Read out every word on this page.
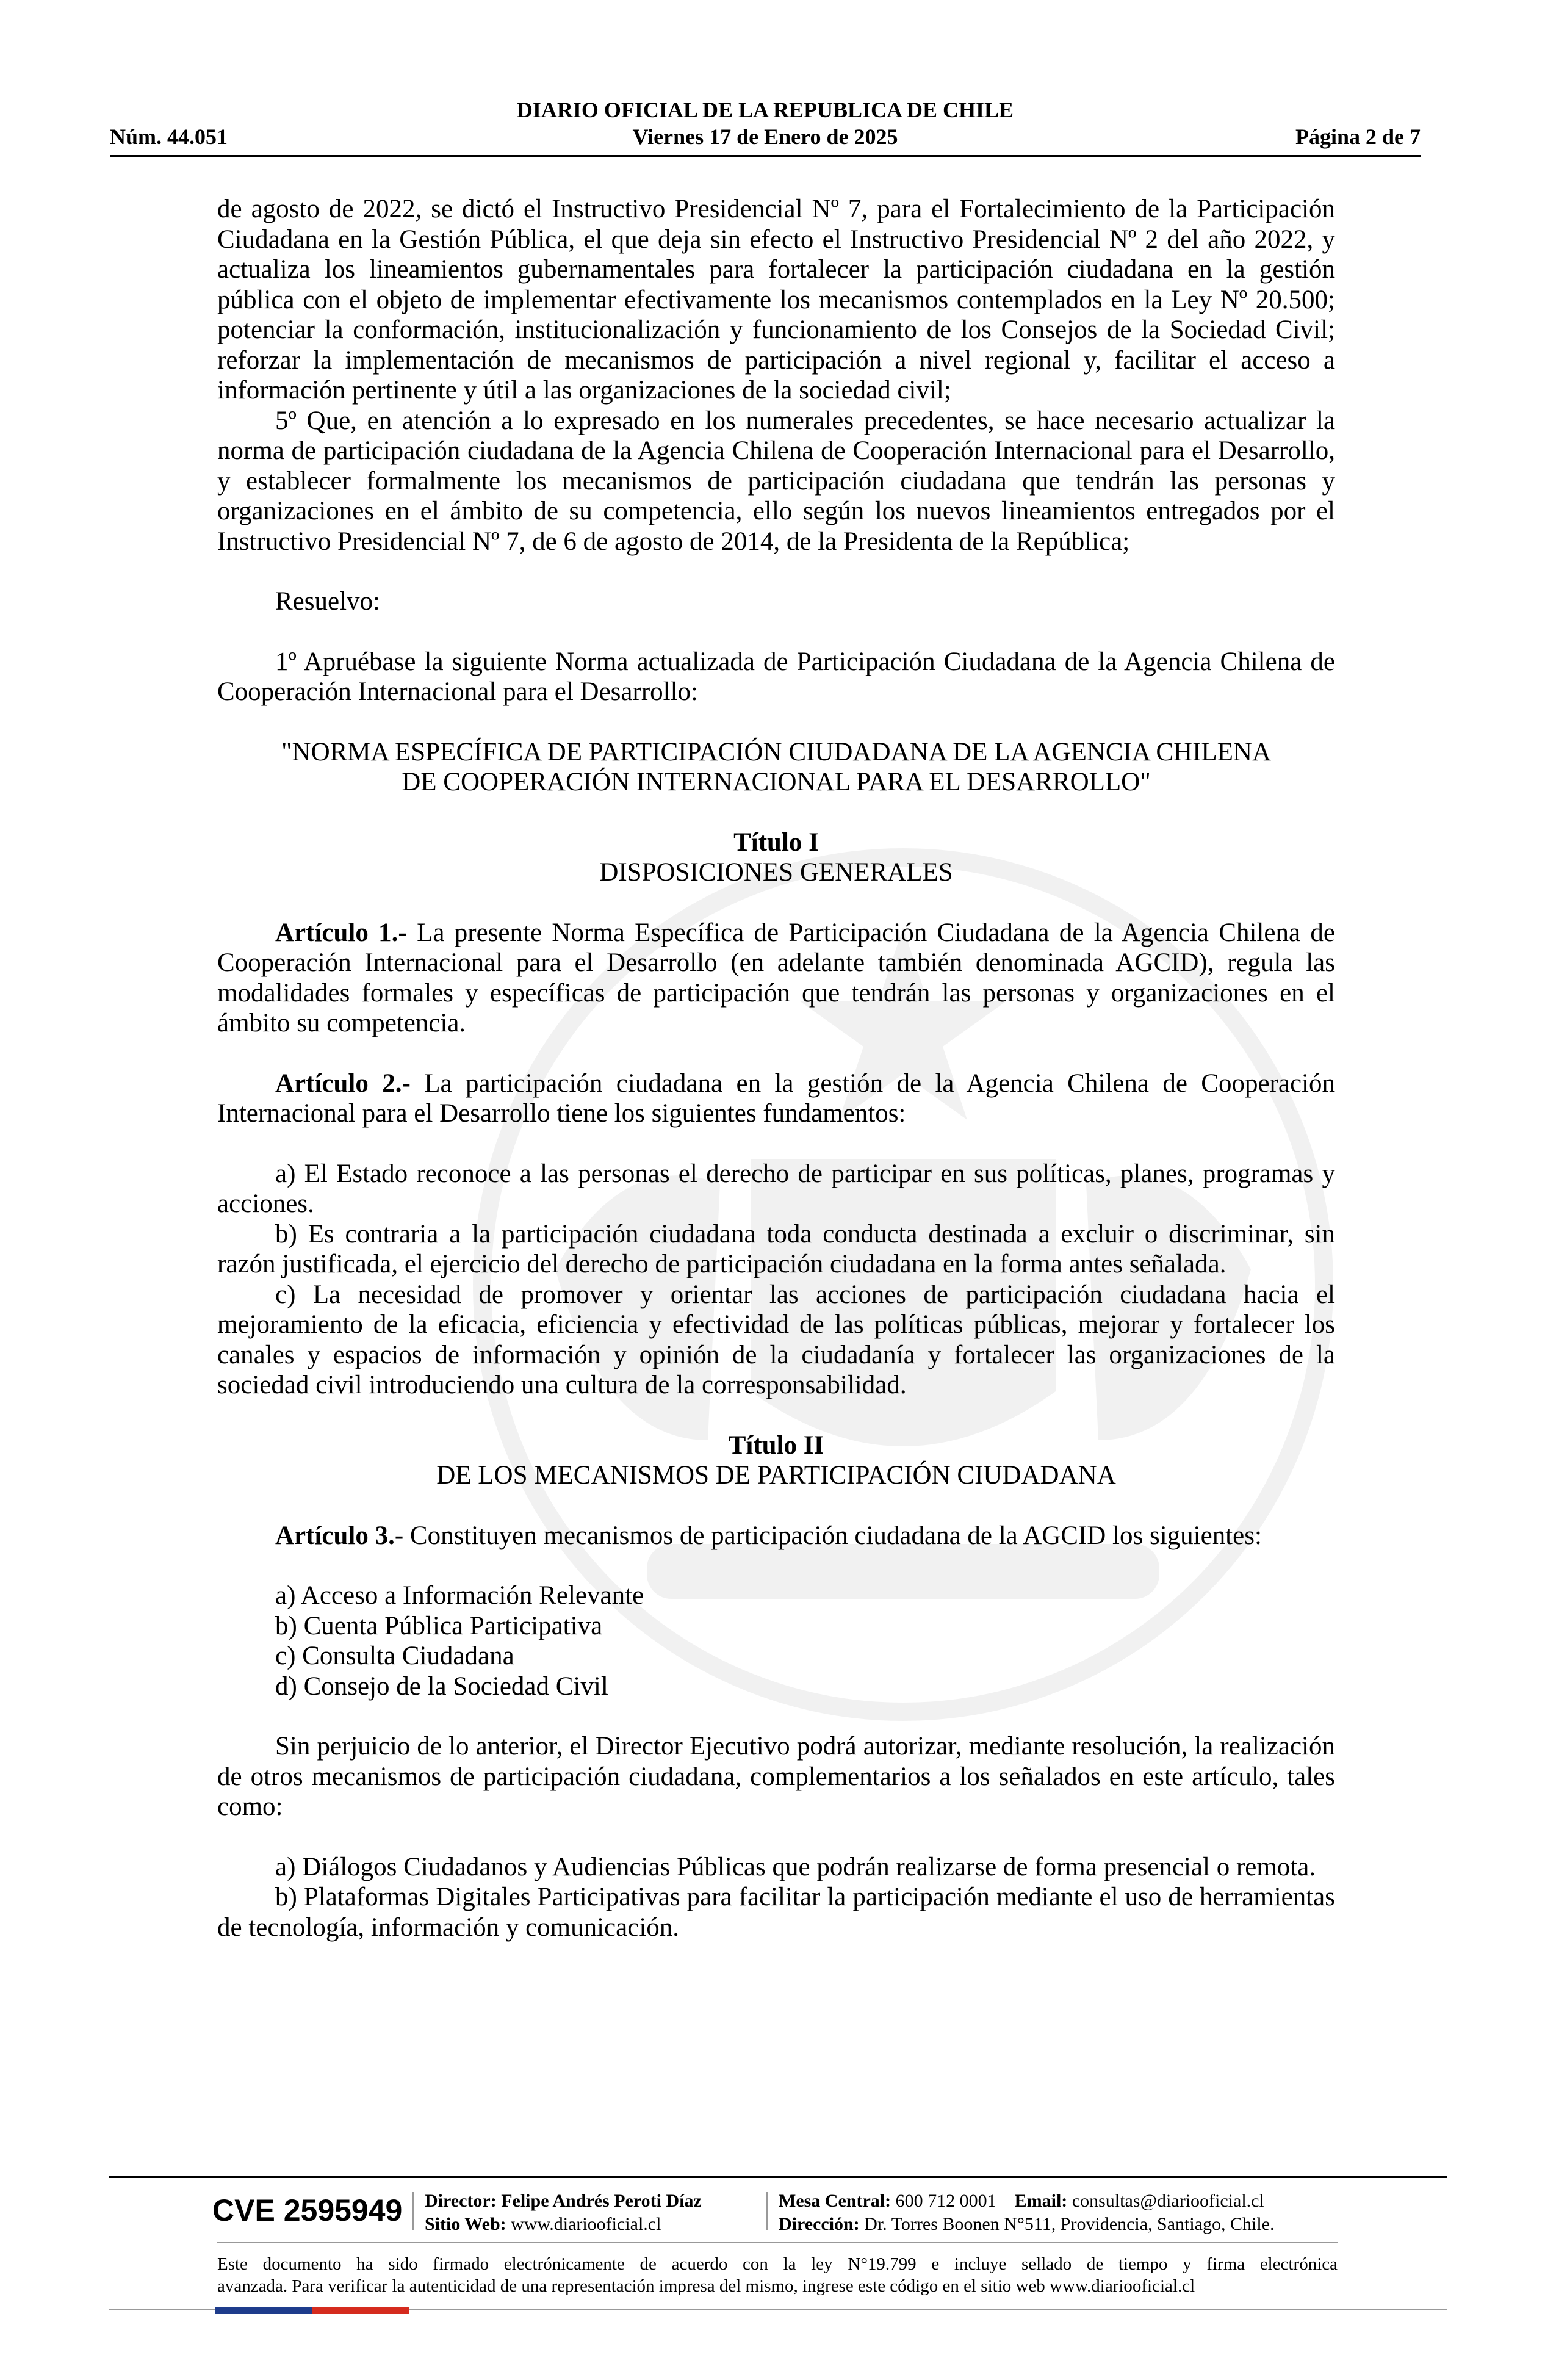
DIARIO OFICIAL DE LA REPUBLICA DE CHILE
Núm. 44.051	Viernes 17 de Enero de 2025	Página 2 de 7

de agosto de 2022, se dictó el Instructivo Presidencial Nº 7, para el Fortalecimiento de la Participación Ciudadana en la Gestión Pública, el que deja sin efecto el Instructivo Presidencial Nº 2 del año 2022, y actualiza los lineamientos gubernamentales para fortalecer la participación ciudadana en la gestión pública con el objeto de implementar efectivamente los mecanismos contemplados en la Ley Nº 20.500; potenciar la conformación, institucionalización y funcionamiento de los Consejos de la Sociedad Civil; reforzar la implementación de mecanismos de participación a nivel regional y, facilitar el acceso a información pertinente y útil a las organizaciones de la sociedad civil;

5º Que, en atención a lo expresado en los numerales precedentes, se hace necesario actualizar la norma de participación ciudadana de la Agencia Chilena de Cooperación Internacional para el Desarrollo, y establecer formalmente los mecanismos de participación ciudadana que tendrán las personas y organizaciones en el ámbito de su competencia, ello según los nuevos lineamientos entregados por el Instructivo Presidencial Nº 7, de 6 de agosto de 2014, de la Presidenta de la República;

Resuelvo:

1º Apruébase la siguiente Norma actualizada de Participación Ciudadana de la Agencia Chilena de Cooperación Internacional para el Desarrollo:

"NORMA ESPECÍFICA DE PARTICIPACIÓN CIUDADANA DE LA AGENCIA CHILENA

DE COOPERACIÓN INTERNACIONAL PARA EL DESARROLLO"

Título I

DISPOSICIONES GENERALES

Artículo 1.- La presente Norma Específica de Participación Ciudadana de la Agencia Chilena de Cooperación Internacional para el Desarrollo (en adelante también denominada AGCID), regula las modalidades formales y específicas de participación que tendrán las personas y organizaciones en el ámbito su competencia.

Artículo 2.- La participación ciudadana en la gestión de la Agencia Chilena de Cooperación Internacional para el Desarrollo tiene los siguientes fundamentos:

a) El Estado reconoce a las personas el derecho de participar en sus políticas, planes, programas y acciones.

b) Es contraria a la participación ciudadana toda conducta destinada a excluir o discriminar, sin razón justificada, el ejercicio del derecho de participación ciudadana en la forma antes señalada.

c) La necesidad de promover y orientar las acciones de participación ciudadana hacia el mejoramiento de la eficacia, eficiencia y efectividad de las políticas públicas, mejorar y fortalecer los canales y espacios de información y opinión de la ciudadanía y fortalecer las organizaciones de la sociedad civil introduciendo una cultura de la corresponsabilidad.

Título II

DE LOS MECANISMOS DE PARTICIPACIÓN CIUDADANA

Artículo 3.- Constituyen mecanismos de participación ciudadana de la AGCID los siguientes:

a) Acceso a Información Relevante

b) Cuenta Pública Participativa

c) Consulta Ciudadana

d) Consejo de la Sociedad Civil

Sin perjuicio de lo anterior, el Director Ejecutivo podrá autorizar, mediante resolución, la realización de otros mecanismos de participación ciudadana, complementarios a los señalados en este artículo, tales como:

a) Diálogos Ciudadanos y Audiencias Públicas que podrán realizarse de forma presencial o remota.

b) Plataformas Digitales Participativas para facilitar la participación mediante el uso de herramientas de tecnología, información y comunicación.

CVE 2595949 Director: Felipe Andrés Peroti Díaz
Sitio Web: www.diariooficial.cl
Mesa Central: 600 712 0001 Email: consultas@diariooficial.cl
Dirección: Dr. Torres Boonen N°511, Providencia, Santiago, Chile.

Este documento ha sido firmado electrónicamente de acuerdo con la ley N°19.799 e incluye sellado de tiempo y firma electrónica

avanzada. Para verificar la autenticidad de una representación impresa del mismo, ingrese este código en el sitio web www.diariooficial.cl
